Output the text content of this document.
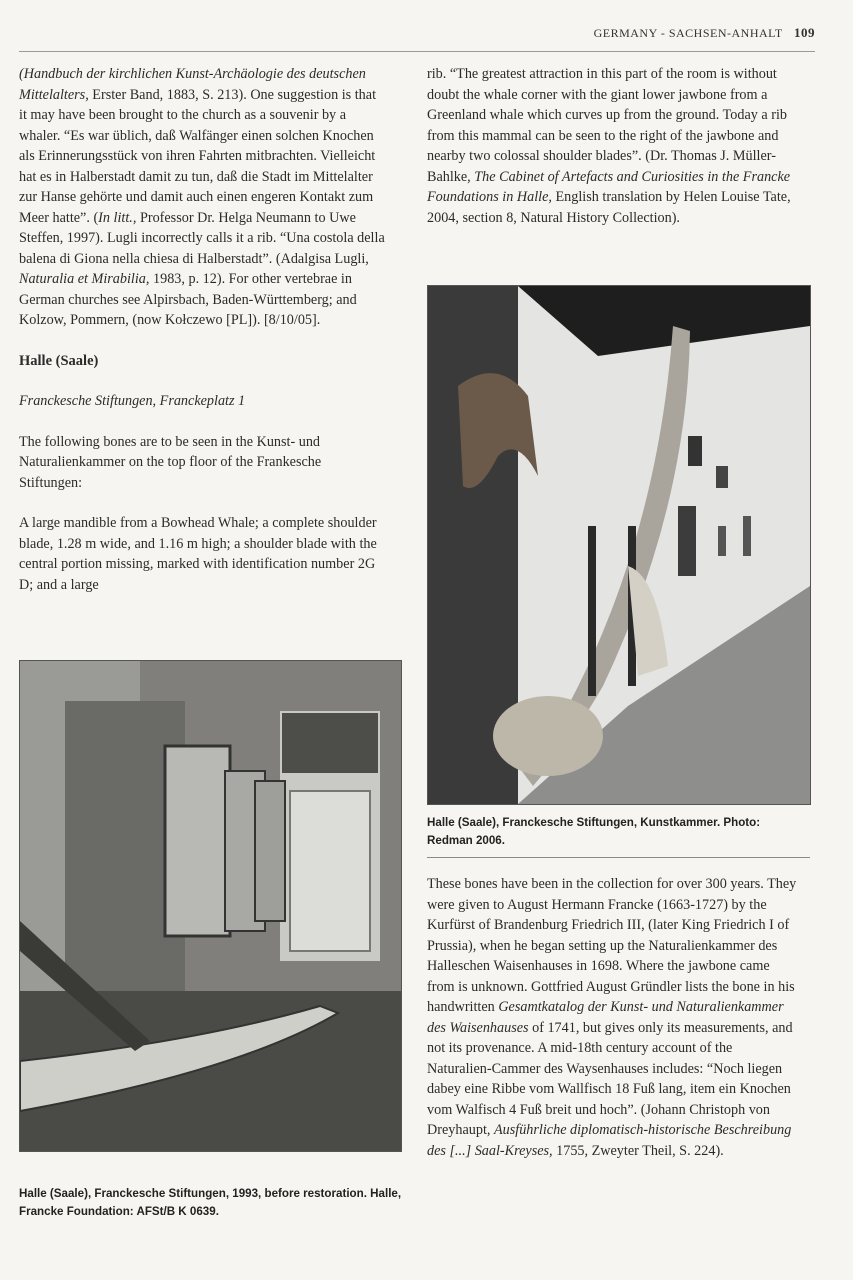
GERMANY - SACHSEN-ANHALT 109

(Handbuch der kirchlichen Kunst-Archäologie des deutschen Mittelalters, Erster Band, 1883, S. 213). One suggestion is that it may have been brought to the church as a souvenir by a whaler. “Es war üblich, daß Walfänger einen solchen Knochen als Erinnerungsstück von ihren Fahrten mitbrachten. Vielleicht hat es in Halberstadt damit zu tun, daß die Stadt im Mittelalter zur Hanse gehörte und damit auch einen engeren Kontakt zum Meer hatte”. (In litt., Professor Dr. Helga Neumann to Uwe Steffen, 1997). Lugli incorrectly calls it a rib. “Una costola della balena di Giona nella chiesa di Halberstadt”. (Adalgisa Lugli, Naturalia et Mirabilia, 1983, p. 12). For other vertebrae in German churches see Alpirsbach, Baden-Württemberg; and Kolzow, Pommern, (now Kołczewo [PL]). [8/10/05].

Halle (Saale)

Franckesche Stiftungen, Franckeplatz 1

The following bones are to be seen in the Kunst- und Naturalienkammer on the top floor of the Frankesche Stiftungen:

A large mandible from a Bowhead Whale; a complete shoulder blade, 1.28 m wide, and 1.16 m high; a shoulder blade with the central portion missing, marked with identification number 2G D; and a large

Halle (Saale), Franckesche Stiftungen, 1993, before restoration. Halle, Francke Foundation: AFSt/B K 0639.

rib. “The greatest attraction in this part of the room is without doubt the whale corner with the giant lower jawbone from a Greenland whale which curves up from the ground. Today a rib from this mammal can be seen to the right of the jawbone and nearby two colossal shoulder blades”. (Dr. Thomas J. Müller-Bahlke, The Cabinet of Artefacts and Curiosities in the Francke Foundations in Halle, English translation by Helen Louise Tate, 2004, section 8, Natural History Collection).

Halle (Saale), Franckesche Stiftungen, Kunstkammer. Photo: Redman 2006.

These bones have been in the collection for over 300 years. They were given to August Hermann Francke (1663-1727) by the Kurfürst of Brandenburg Friedrich III, (later King Friedrich I of Prussia), when he began setting up the Naturalienkammer des Halleschen Waisenhauses in 1698. Where the jawbone came from is unknown. Gottfried August Gründler lists the bone in his handwritten Gesamtkatalog der Kunst- und Naturalienkammer des Waisenhauses of 1741, but gives only its measurements, and not its provenance. A mid-18th century account of the Naturalien-Cammer des Waysenhauses includes: “Noch liegen dabey eine Ribbe vom Wallfisch 18 Fuß lang, item ein Knochen vom Walfisch 4 Fuß breit und hoch”. (Johann Christoph von Dreyhaupt, Ausführliche diplomatisch-historische Beschreibung des [...] Saal-Kreyses, 1755, Zweyter Theil, S. 224).
